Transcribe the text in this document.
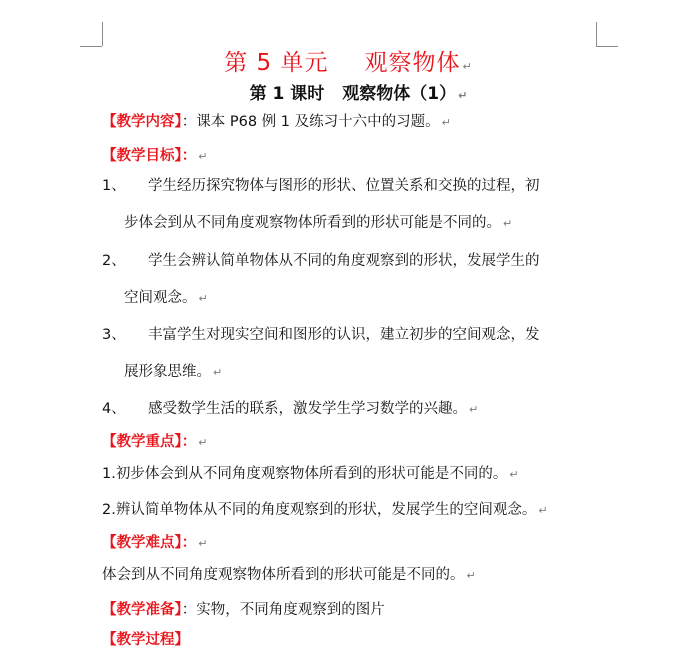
第 5 单元 观察物体 ↵
第 1 课时 观察物体（1） ↵
【教学内容】：课本 P68 例 1 及练习十六中的习题。 ↵
【教学目标】： ↵
1、 学生经历探究物体与图形的形状、位置关系和交换的过程，初
步体会到从不同角度观察物体所看到的形状可能是不同的。 ↵
2、 学生会辨认简单物体从不同的角度观察到的形状，发展学生的
空间观念。 ↵
3、 丰富学生对现实空间和图形的认识，建立初步的空间观念，发
展形象思维。 ↵
4、 感受数学生活的联系，激发学生学习数学的兴趣。 ↵
【教学重点】： ↵
1.初步体会到从不同角度观察物体所看到的形状可能是不同的。 ↵
2.辨认简单物体从不同的角度观察到的形状，发展学生的空间观念。 ↵
【教学难点】： ↵
体会到从不同角度观察物体所看到的形状可能是不同的。 ↵
【教学准备】：实物，不同角度观察到的图片
【教学过程】
